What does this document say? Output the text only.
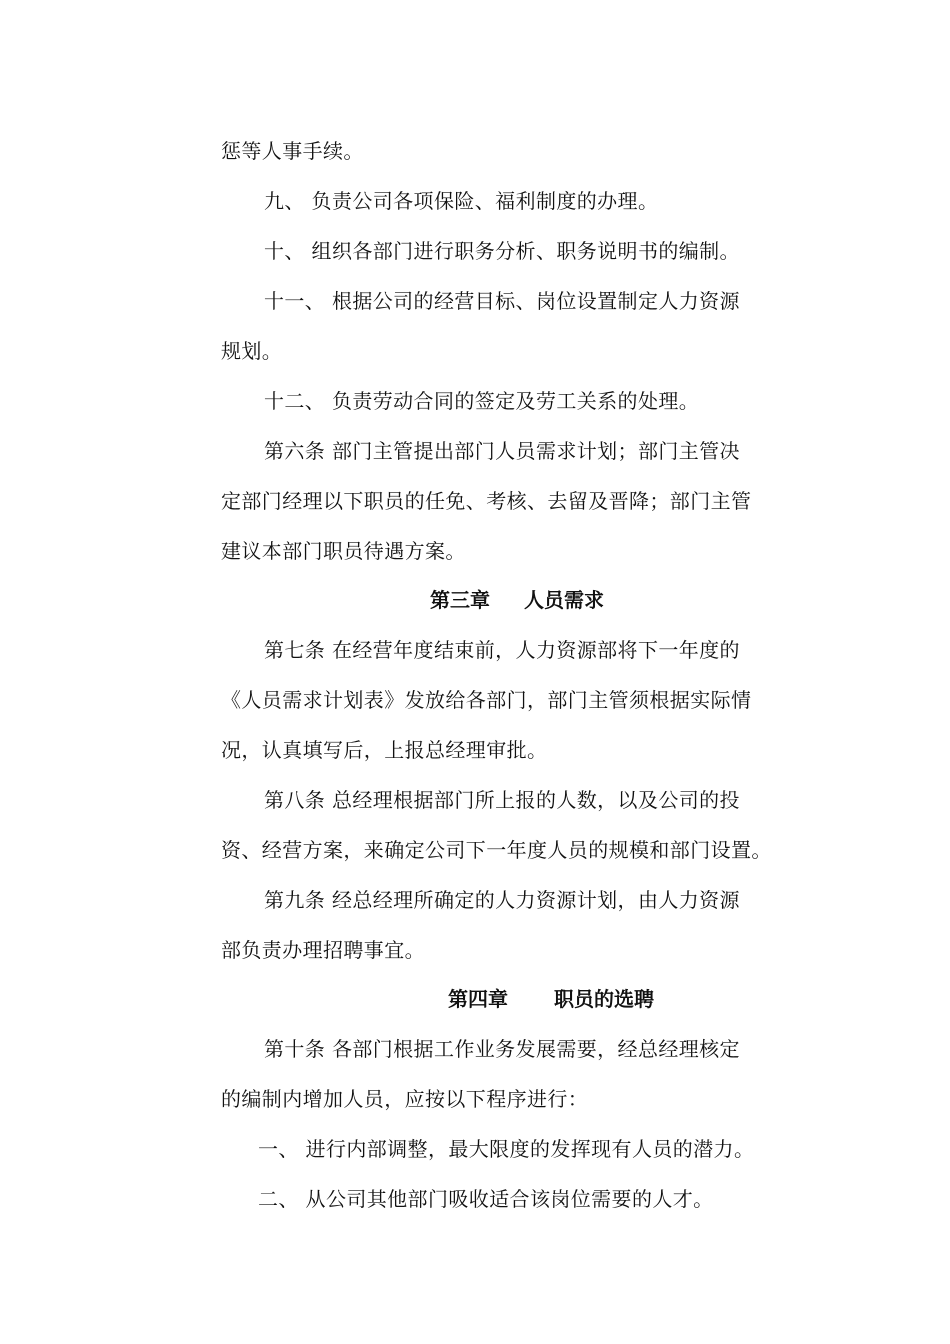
惩等人事手续。
九、 负责公司各项保险、福利制度的办理。
十、 组织各部门进行职务分析、职务说明书的编制。
十一、 根据公司的经营目标、岗位设置制定人力资源
规划。
十二、 负责劳动合同的签定及劳工关系的处理。
第六条 部门主管提出部门人员需求计划；部门主管决
定部门经理以下职员的任免、考核、去留及晋降；部门主管
建议本部门职员待遇方案。
第三章 人员需求
第七条 在经营年度结束前，人力资源部将下一年度的
《人员需求计划表》发放给各部门，部门主管须根据实际情
况，认真填写后，上报总经理审批。
第八条 总经理根据部门所上报的人数，以及公司的投
资、经营方案，来确定公司下一年度人员的规模和部门设置。
第九条 经总经理所确定的人力资源计划，由人力资源
部负责办理招聘事宜。
第四章 职员的选聘
第十条 各部门根据工作业务发展需要，经总经理核定
的编制内增加人员，应按以下程序进行：
一、 进行内部调整，最大限度的发挥现有人员的潜力。
二、 从公司其他部门吸收适合该岗位需要的人才。
